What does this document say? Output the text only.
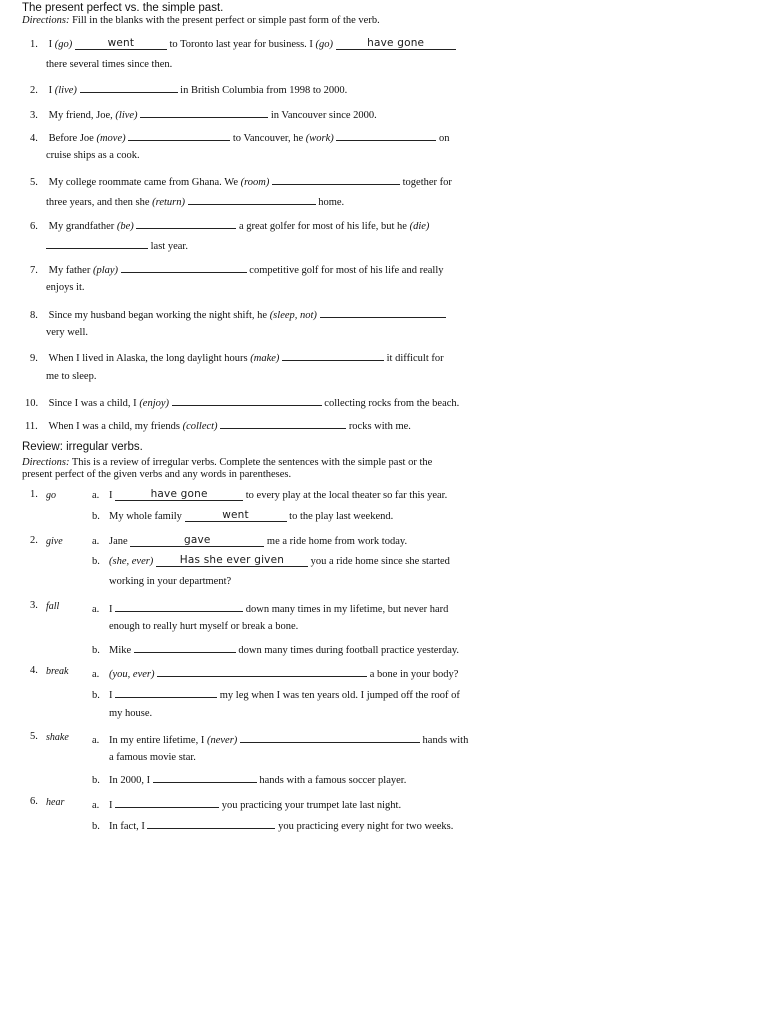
The present perfect vs. the simple past.
Directions: Fill in the blanks with the present perfect or simple past form of the verb.
1. I (go)	went	to Toronto last year for business. I (go)	have gone
there several times since then.
2. I (live)	in British Columbia from 1998 to 2000.
3. My friend, Joe, (live)	in Vancouver since 2000.
4. Before Joe (move)	to Vancouver, he (work)	on
cruise ships as a cook.
5. My college roommate came from Ghana. We (room)	together for
three years, and then she (return)	home.
6. My grandfather (be)	a great golfer for most of his life, but he (die)
last year.
7. My father (play)	competitive golf for most of his life and really
enjoys it.
8. Since my husband began working the night shift, he (sleep, not)
very well.
9. When I lived in Alaska, the long daylight hours (make)	it difficult for
me to sleep.
10. Since I was a child, I (enjoy)	collecting rocks from the beach.
11. When I was a child, my friends (collect)	rocks with me.
Review: irregular verbs.
Directions: This is a review of irregular verbs. Complete the sentences with the simple past or the
present perfect of the given verbs and any words in parentheses.
1. go	a. I	have gone	to every play at the local theater so far this year.
b. My whole family	went	to the play last weekend.
2. give	a. Jane	gave	me a ride home from work today.
b. (she, ever)	Has she ever given you a ride home since she started
working in your department?
3. fall	a. I	down many times in my lifetime, but never hard
enough to really hurt myself or break a bone.
b. Mike	down many times during football practice yesterday.
4. break a. (you, ever)	a bone in your body?
b. I	my leg when I was ten years old. I jumped off the roof of
my house.
5. shake a. In my entire lifetime, I (never)	hands with
a famous movie star.
b. In 2000, I	hands with a famous soccer player.
6. hear	a. I	you practicing your trumpet late last night.
b. In fact, I	you practicing every night for two weeks.
